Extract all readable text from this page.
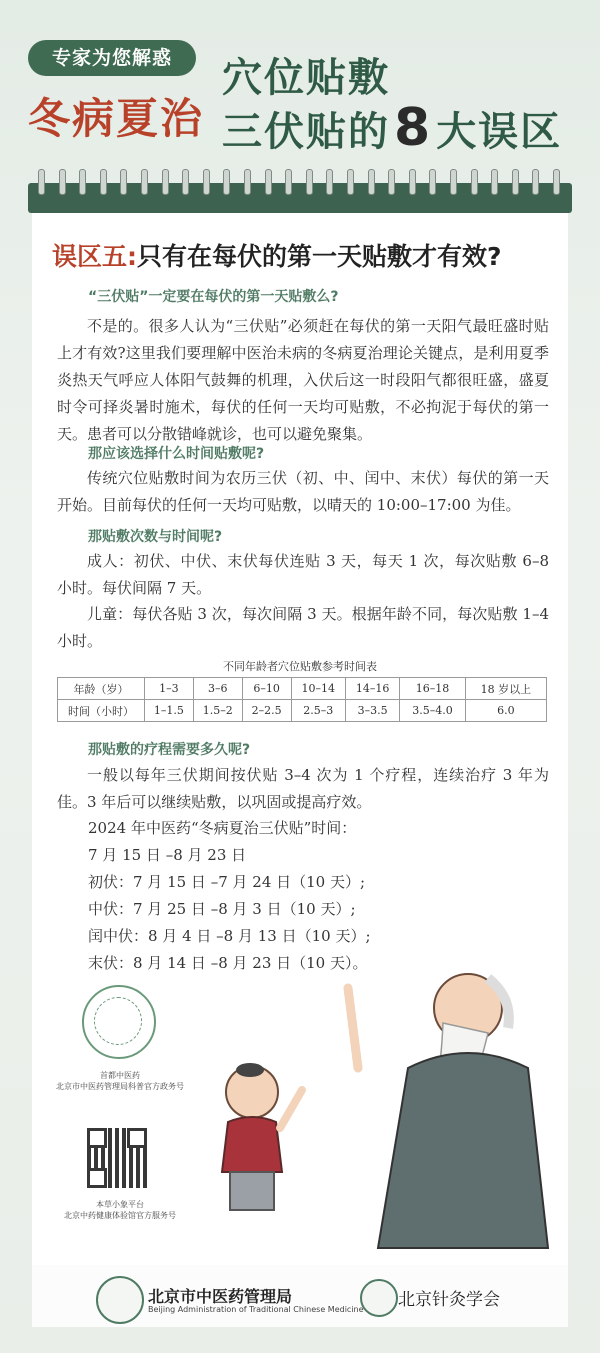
专家为您解惑
冬病夏治
穴位贴敷
三伏贴的8 大误区
误区五:只有在每伏的第一天贴敷才有效?
“三伏贴”一定要在每伏的第一天贴敷么?
不是的。很多人认为“三伏贴”必须赶在每伏的第一天阳气最旺盛时贴上才有效?这里我们要理解中医治未病的冬病夏治理论关键点，是利用夏季炎热天气呼应人体阳气鼓舞的机理，入伏后这一时段阳气都很旺盛，盛夏时令可择炎暑时施术，每伏的任何一天均可贴敷，不必拘泥于每伏的第一天。患者可以分散错峰就诊，也可以避免聚集。
那应该选择什么时间贴敷呢?
传统穴位贴敷时间为农历三伏（初、中、闰中、末伏）每伏的第一天开始。目前每伏的任何一天均可贴敷，以晴天的 10:00–17:00 为佳。
那贴敷次数与时间呢?
成人：初伏、中伏、末伏每伏连贴 3 天，每天 1 次，每次贴敷 6–8 小时。每伏间隔 7 天。
儿童：每伏各贴 3 次，每次间隔 3 天。根据年龄不同，每次贴敷 1–4 小时。
不同年龄者穴位贴敷参考时间表
年龄（岁）	1–3	3–6	6–10	10–14	14–16	16–18	18 岁以上
时间（小时）	1–1.5	1.5–2	2–2.5	2.5–3	3–3.5	3.5–4.0	6.0
那贴敷的疗程需要多久呢?
一般以每年三伏期间按伏贴 3–4 次为 1 个疗程，连续治疗 3 年为佳。3 年后可以继续贴敷，以巩固或提高疗效。
2024 年中医药“冬病夏治三伏贴”时间：
7 月 15 日 –8 月 23 日
初伏：7 月 15 日 –7 月 24 日（10 天）;
中伏：7 月 25 日 –8 月 3 日（10 天）;
闰中伏：8 月 4 日 –8 月 13 日（10 天）;
末伏：8 月 14 日 –8 月 23 日（10 天）。
首都中医药
北京市中医药管理局科普官方政务号
本草小象平台
北京中药健康体验馆官方服务号
北京市中医药管理局
Beijing Administration of Traditional Chinese Medicine 北京针灸学会
